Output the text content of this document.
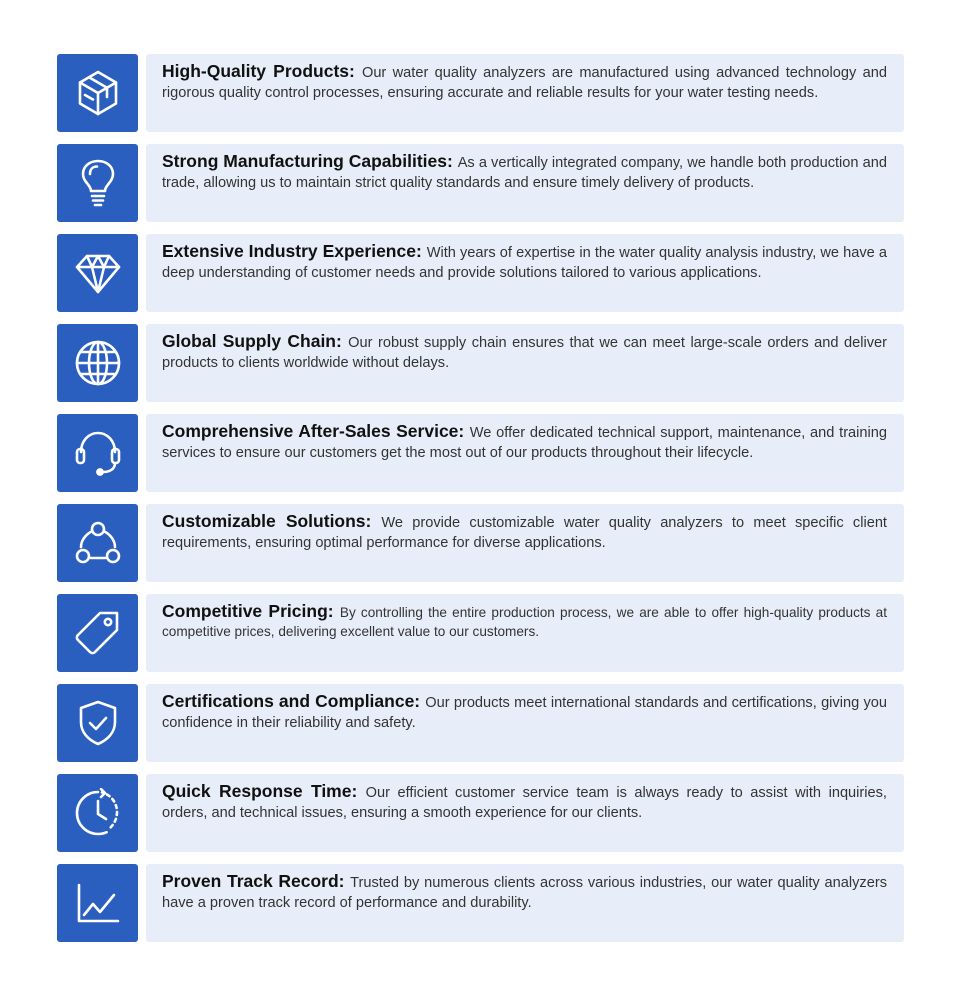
High-Quality Products: Our water quality analyzers are manufactured using advanced technology and rigorous quality control processes, ensuring accurate and reliable results for your water testing needs.
Strong Manufacturing Capabilities: As a vertically integrated company, we handle both production and trade, allowing us to maintain strict quality standards and ensure timely delivery of products.
Extensive Industry Experience: With years of expertise in the water quality analysis industry, we have a deep understanding of customer needs and provide solutions tailored to various applications.
Global Supply Chain: Our robust supply chain ensures that we can meet large-scale orders and deliver products to clients worldwide without delays.
Comprehensive After-Sales Service: We offer dedicated technical support, maintenance, and training services to ensure our customers get the most out of our products throughout their lifecycle.
Customizable Solutions: We provide customizable water quality analyzers to meet specific client requirements, ensuring optimal performance for diverse applications.
Competitive Pricing: By controlling the entire production process, we are able to offer high-quality products at competitive prices, delivering excellent value to our customers.
Certifications and Compliance: Our products meet international standards and certifications, giving you confidence in their reliability and safety.
Quick Response Time: Our efficient customer service team is always ready to assist with inquiries, orders, and technical issues, ensuring a smooth experience for our clients.
Proven Track Record: Trusted by numerous clients across various industries, our water quality analyzers have a proven track record of performance and durability.
